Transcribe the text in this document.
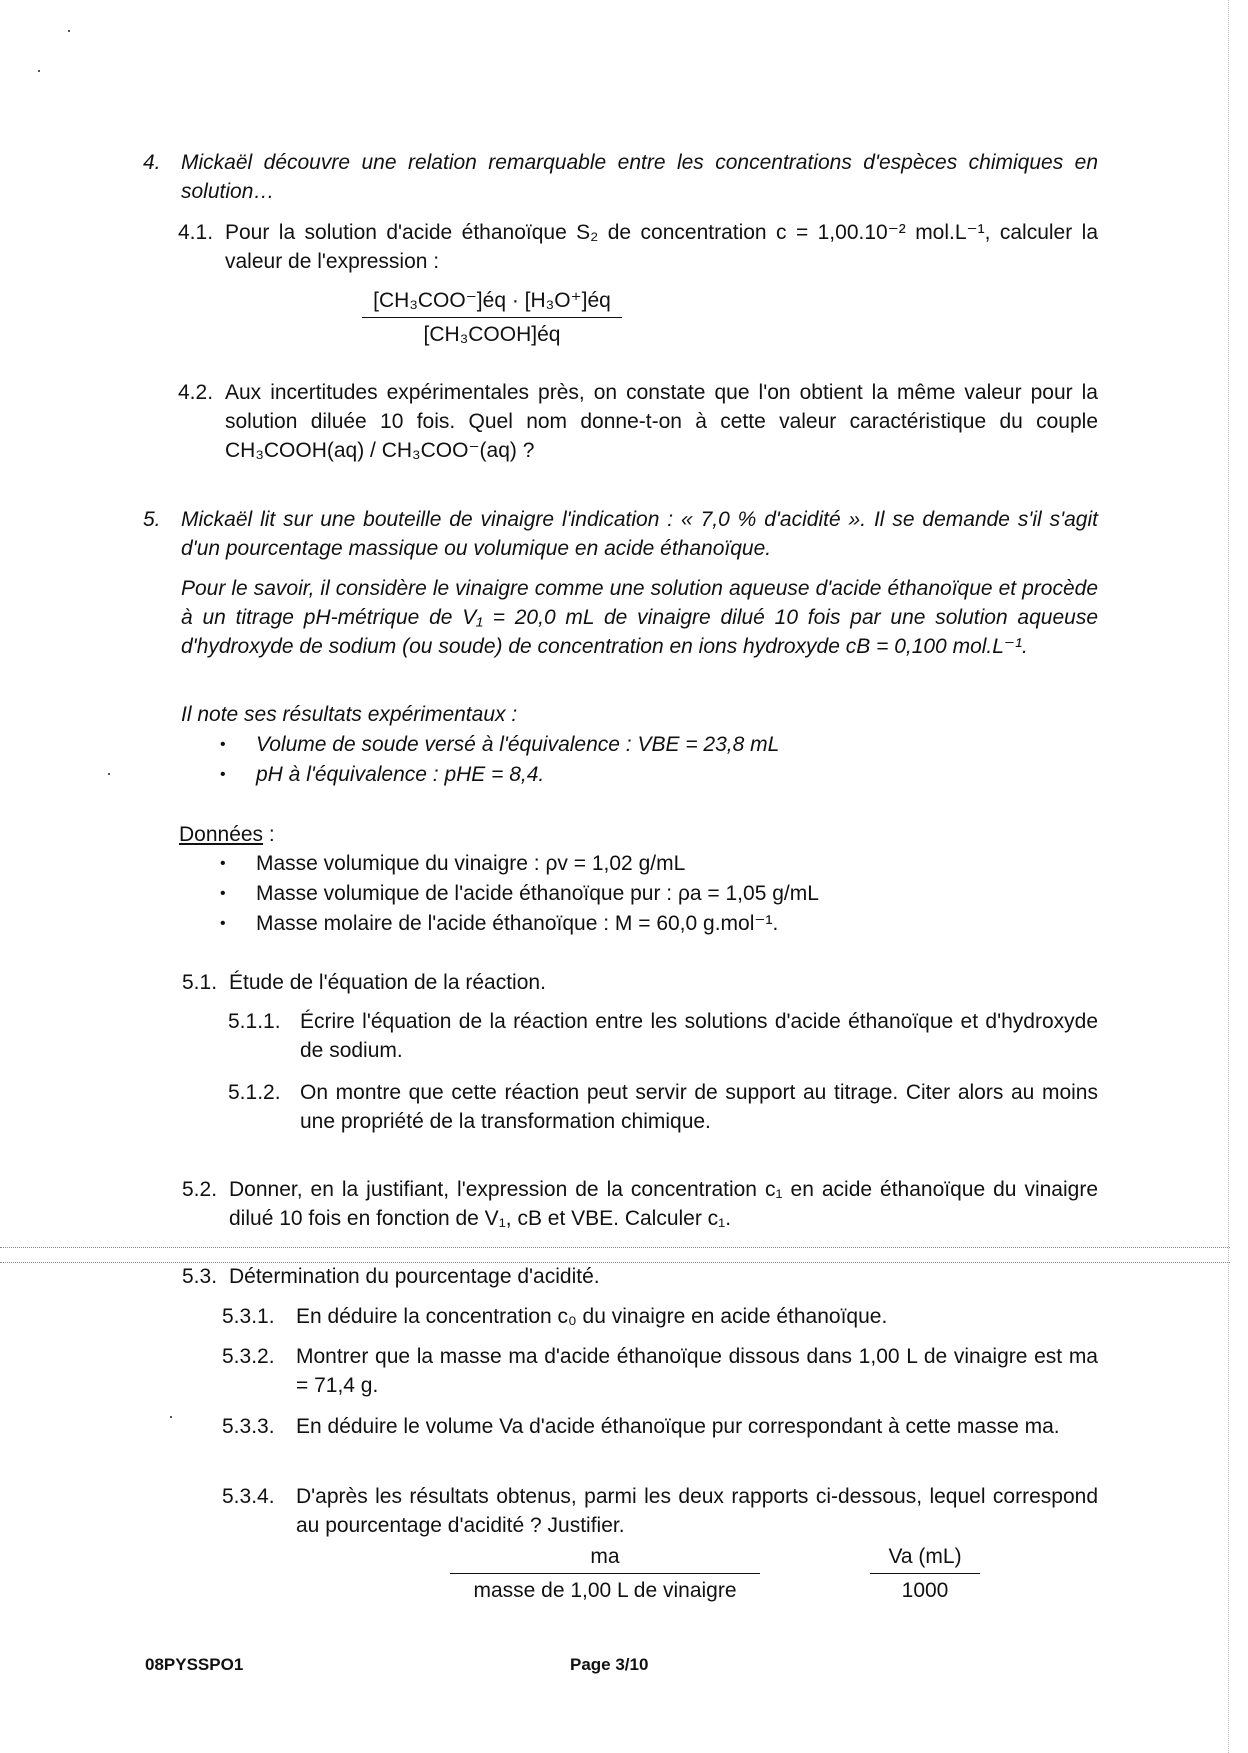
4. Mickaël découvre une relation remarquable entre les concentrations d'espèces chimiques en solution…
4.1. Pour la solution d'acide éthanoïque S₂ de concentration c = 1,00.10⁻² mol.L⁻¹, calculer la valeur de l'expression :
[CH₃COO⁻]éq · [H₃O⁺]éq
[CH₃COOH]éq
4.2. Aux incertitudes expérimentales près, on constate que l'on obtient la même valeur pour la solution diluée 10 fois. Quel nom donne-t-on à cette valeur caractéristique du couple CH₃COOH(aq) / CH₃COO⁻(aq) ?
5. Mickaël lit sur une bouteille de vinaigre l'indication : « 7,0 % d'acidité ». Il se demande s'il s'agit d'un pourcentage massique ou volumique en acide éthanoïque.
Pour le savoir, il considère le vinaigre comme une solution aqueuse d'acide éthanoïque et procède à un titrage pH-métrique de V₁ = 20,0 mL de vinaigre dilué 10 fois par une solution aqueuse d'hydroxyde de sodium (ou soude) de concentration en ions hydroxyde cB = 0,100 mol.L⁻¹.
Il note ses résultats expérimentaux :
• Volume de soude versé à l'équivalence : VBE = 23,8 mL
• pH à l'équivalence : pHE = 8,4.
Données :
• Masse volumique du vinaigre : ρv = 1,02 g/mL
• Masse volumique de l'acide éthanoïque pur : ρa = 1,05 g/mL
• Masse molaire de l'acide éthanoïque : M = 60,0 g.mol⁻¹.
5.1. Étude de l'équation de la réaction.
5.1.1. Écrire l'équation de la réaction entre les solutions d'acide éthanoïque et d'hydroxyde de sodium.
5.1.2. On montre que cette réaction peut servir de support au titrage. Citer alors au moins une propriété de la transformation chimique.
5.2. Donner, en la justifiant, l'expression de la concentration c₁ en acide éthanoïque du vinaigre dilué 10 fois en fonction de V₁, cB et VBE. Calculer c₁.
5.3. Détermination du pourcentage d'acidité.
5.3.1. En déduire la concentration c₀ du vinaigre en acide éthanoïque.
5.3.2. Montrer que la masse ma d'acide éthanoïque dissous dans 1,00 L de vinaigre est ma = 71,4 g.
5.3.3. En déduire le volume Va d'acide éthanoïque pur correspondant à cette masse ma.
5.3.4. D'après les résultats obtenus, parmi les deux rapports ci-dessous, lequel correspond au pourcentage d'acidité ? Justifier.
ma
masse de 1,00 L de vinaigre	$\frac{Va (mL)}{1000}$
08PYSSPO1	Page 3/10
